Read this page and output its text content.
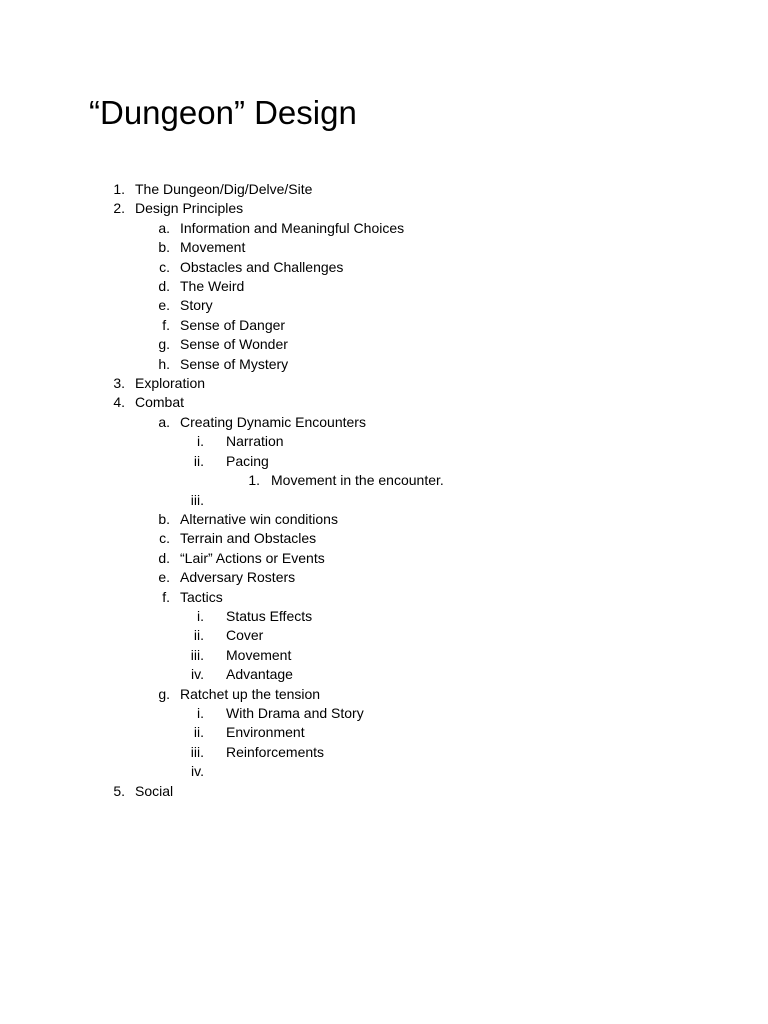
“Dungeon” Design
1. The Dungeon/Dig/Delve/Site
2. Design Principles
a. Information and Meaningful Choices
b. Movement
c. Obstacles and Challenges
d. The Weird
e. Story
f. Sense of Danger
g. Sense of Wonder
h. Sense of Mystery
3. Exploration
4. Combat
a. Creating Dynamic Encounters
i. Narration
ii. Pacing
1. Movement in the encounter.
iii.
b. Alternative win conditions
c. Terrain and Obstacles
d. “Lair” Actions or Events
e. Adversary Rosters
f. Tactics
i. Status Effects
ii. Cover
iii. Movement
iv. Advantage
g. Ratchet up the tension
i. With Drama and Story
ii. Environment
iii. Reinforcements
iv.
5. Social
